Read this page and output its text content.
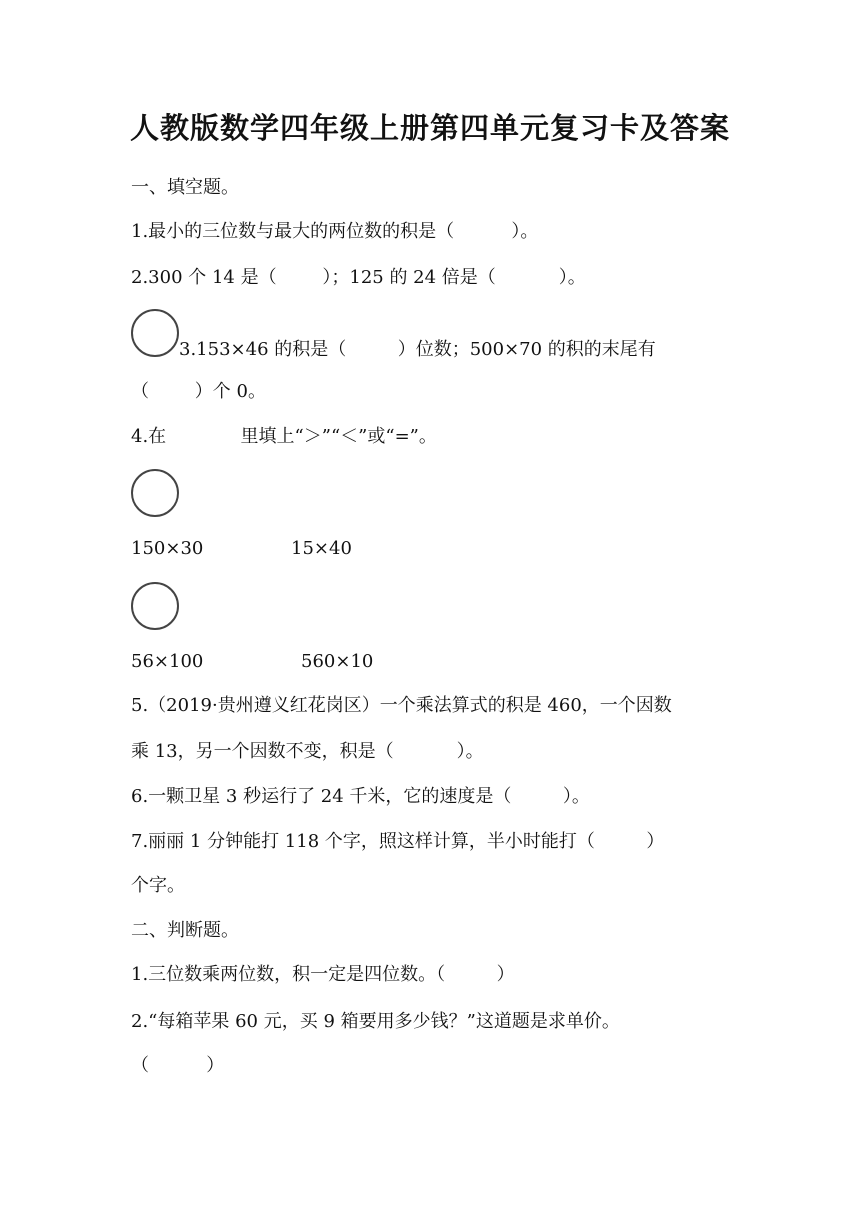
人教版数学四年级上册第四单元复习卡及答案
一、填空题。
1.最小的三位数与最大的两位数的积是（          ）。
2.300 个 14 是（        ）；125 的 24 倍是（           ）。
3.153×46 的积是（         ）位数；500×70 的积的末尾有
（        ）个 0。
4.在             里填上“＞”“＜”或“=”。
150×30	15×40
56×100	560×10
5.（2019·贵州遵义红花岗区）一个乘法算式的积是 460，一个因数
乘 13，另一个因数不变，积是（           ）。
6.一颗卫星 3 秒运行了 24 千米，它的速度是（         ）。
7.丽丽 1 分钟能打 118 个字，照这样计算，半小时能打（         ）
个字。
二、判断题。
1.三位数乘两位数，积一定是四位数。（         ）
2.“每箱苹果 60 元，买 9 箱要用多少钱？”这道题是求单价。
（          ）
